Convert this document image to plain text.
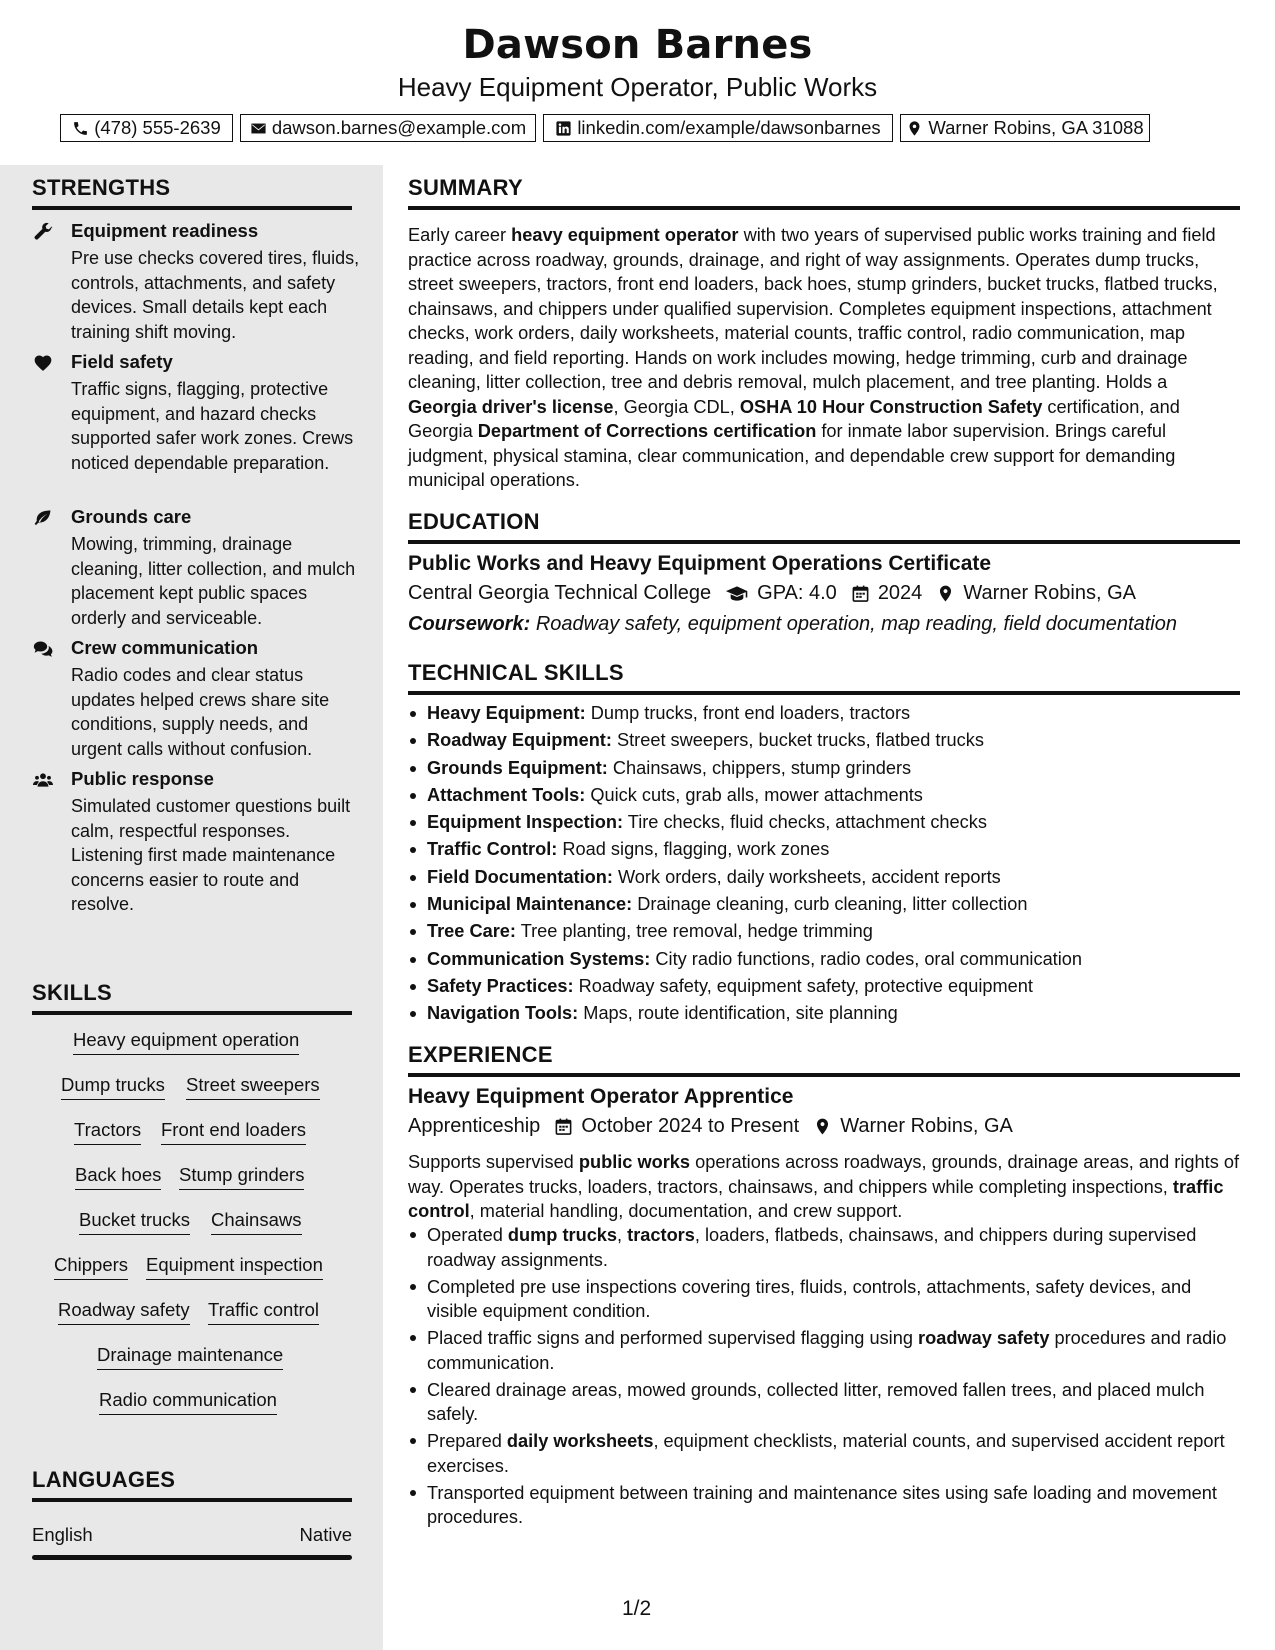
Dawson Barnes
Heavy Equipment Operator, Public Works
(478) 555-2639	dawson.barnes@example.com	linkedin.com/example/dawsonbarnes	Warner Robins, GA 31088
STRENGTHS
Equipment readiness
Pre use checks covered tires, fluids, controls, attachments, and safety devices. Small details kept each training shift moving.
Field safety
Traffic signs, flagging, protective equipment, and hazard checks supported safer work zones. Crews noticed dependable preparation.
Grounds care
Mowing, trimming, drainage cleaning, litter collection, and mulch placement kept public spaces orderly and serviceable.
Crew communication
Radio codes and clear status updates helped crews share site conditions, supply needs, and urgent calls without confusion.
Public response
Simulated customer questions built calm, respectful responses. Listening first made maintenance concerns easier to route and resolve.
SKILLS
Heavy equipment operation
Dump trucks Street sweepers
Tractors Front end loaders
Back hoes Stump grinders
Bucket trucks Chainsaws
Chippers Equipment inspection
Roadway safety Traffic control
Drainage maintenance
Radio communication
LANGUAGES
English	Native
SUMMARY
Early career heavy equipment operator with two years of supervised public works training and field practice across roadway, grounds, drainage, and right of way assignments. Operates dump trucks, street sweepers, tractors, front end loaders, back hoes, stump grinders, bucket trucks, flatbed trucks, chainsaws, and chippers under qualified supervision. Completes equipment inspections, attachment checks, work orders, daily worksheets, material counts, traffic control, radio communication, map reading, and field reporting. Hands on work includes mowing, hedge trimming, curb and drainage cleaning, litter collection, tree and debris removal, mulch placement, and tree planting. Holds a Georgia driver's license, Georgia CDL, OSHA 10 Hour Construction Safety certification, and Georgia Department of Corrections certification for inmate labor supervision. Brings careful judgment, physical stamina, clear communication, and dependable crew support for demanding municipal operations.
EDUCATION
Public Works and Heavy Equipment Operations Certificate
Central Georgia Technical College GPA: 4.0 2024 Warner Robins, GA
Coursework: Roadway safety, equipment operation, map reading, field documentation
TECHNICAL SKILLS
Heavy Equipment: Dump trucks, front end loaders, tractors
Roadway Equipment: Street sweepers, bucket trucks, flatbed trucks
Grounds Equipment: Chainsaws, chippers, stump grinders
Attachment Tools: Quick cuts, grab alls, mower attachments
Equipment Inspection: Tire checks, fluid checks, attachment checks
Traffic Control: Road signs, flagging, work zones
Field Documentation: Work orders, daily worksheets, accident reports
Municipal Maintenance: Drainage cleaning, curb cleaning, litter collection
Tree Care: Tree planting, tree removal, hedge trimming
Communication Systems: City radio functions, radio codes, oral communication
Safety Practices: Roadway safety, equipment safety, protective equipment
Navigation Tools: Maps, route identification, site planning
EXPERIENCE
Heavy Equipment Operator Apprentice
Apprenticeship October 2024 to Present Warner Robins, GA
Supports supervised public works operations across roadways, grounds, drainage areas, and rights of way. Operates trucks, loaders, tractors, chainsaws, and chippers while completing inspections, traffic control, material handling, documentation, and crew support.
Operated dump trucks, tractors, loaders, flatbeds, chainsaws, and chippers during supervised roadway assignments.
Completed pre use inspections covering tires, fluids, controls, attachments, safety devices, and visible equipment condition.
Placed traffic signs and performed supervised flagging using roadway safety procedures and radio communication.
Cleared drainage areas, mowed grounds, collected litter, removed fallen trees, and placed mulch safely.
Prepared daily worksheets, equipment checklists, material counts, and supervised accident report exercises.
Transported equipment between training and maintenance sites using safe loading and movement procedures.
1/2
